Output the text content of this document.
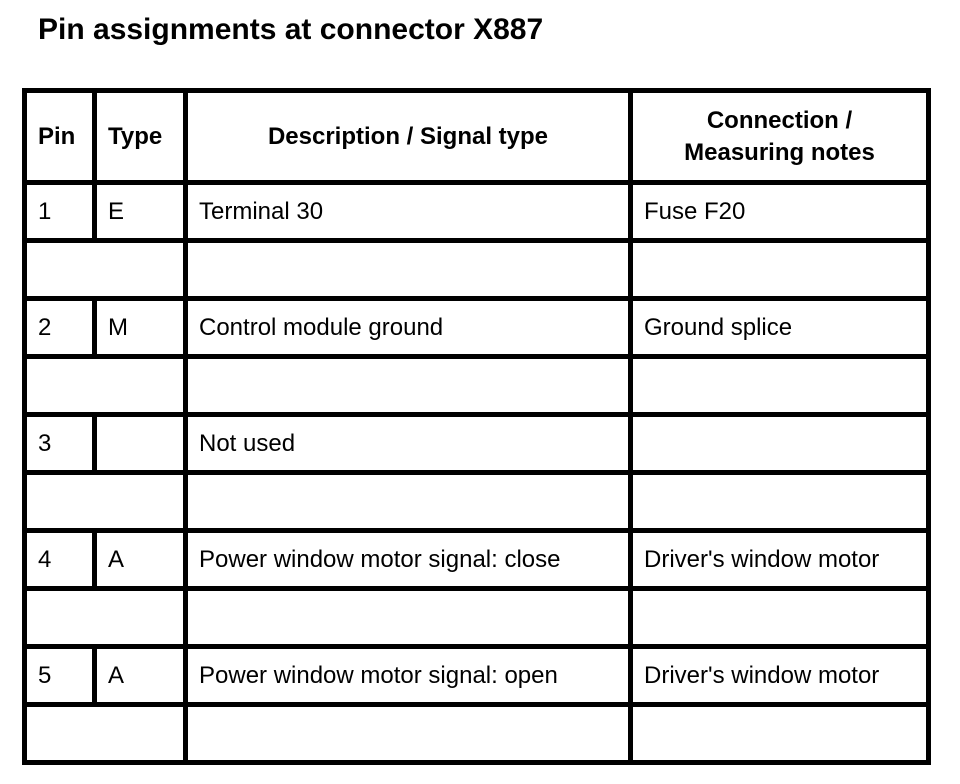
Pin assignments at connector X887
Pin	Type	Description / Signal type	Connection /
Measuring notes

1	E	Terminal 30	Fuse F20

2	M	Control module ground	Ground splice

3		Not used	

4	A	Power window motor signal: close	Driver's window motor

5	A	Power window motor signal: open	Driver's window motor
